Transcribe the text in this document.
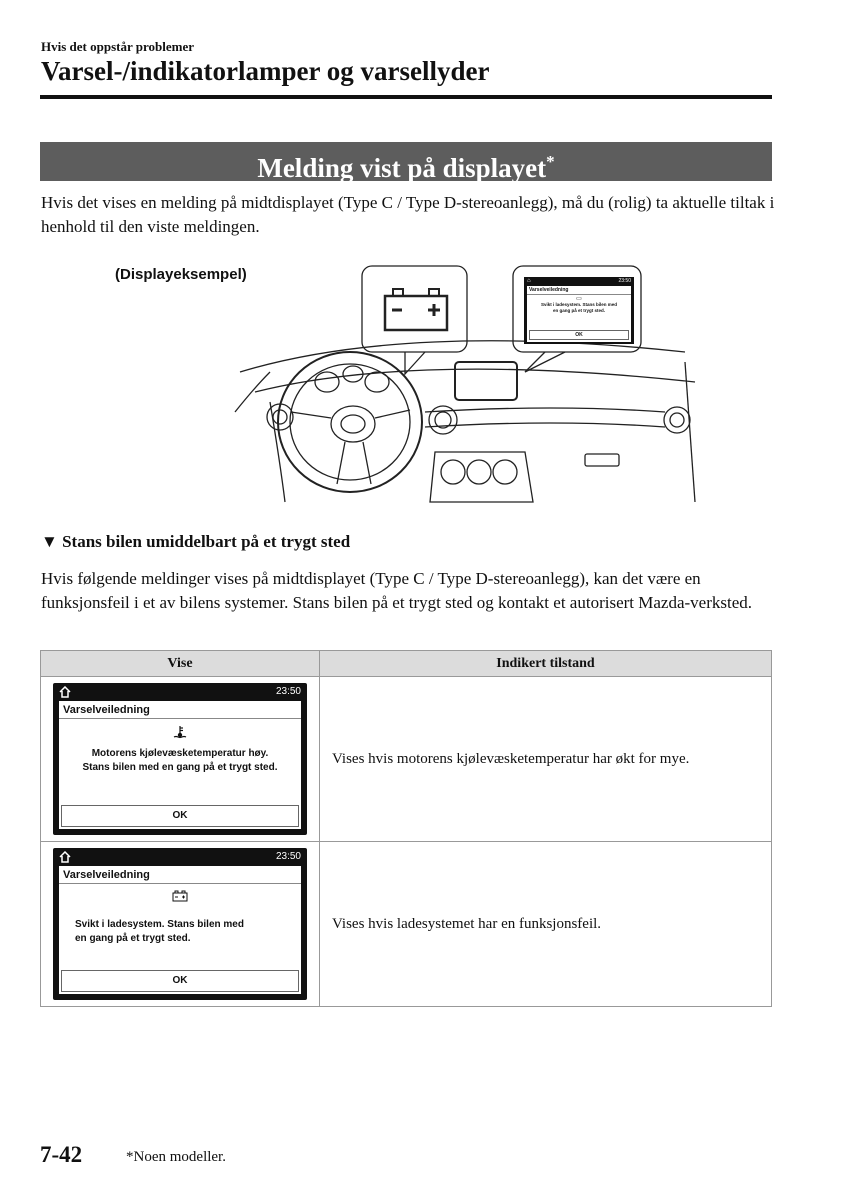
Hvis det oppstår problemer
Varsel-/indikatorlamper og varsellyder
Melding vist på displayet*

Hvis det vises en melding på midtdisplayet (Type C / Type D-stereoanlegg), må du (rolig) ta aktuelle tiltak i henhold til den viste meldingen.

(Displayeksempel)	⌂	23:50
Varselveiledning
▭
Svikt i ladesystem. Stans bilen med
en gang på et trygt sted.
OK
▼ Stans bilen umiddelbart på et trygt sted

Hvis følgende meldinger vises på midtdisplayet (Type C / Type D-stereoanlegg), kan det være en funksjonsfeil i et av bilens systemer. Stans bilen på et trygt sted og kontakt et autorisert Mazda-verksted.

Vise	Indikert tilstand

23:50
Varselveiledning
Motorens kjølevæsketemperatur høy.
Stans bilen med en gang på et trygt sted.
OK	Vises hvis motorens kjølevæsketemperatur har økt for mye.

23:50
Varselveiledning
Svikt i ladesystem. Stans bilen med
en gang på et trygt sted.
OK	Vises hvis ladesystemet har en funksjonsfeil.
7-42	*Noen modeller.
